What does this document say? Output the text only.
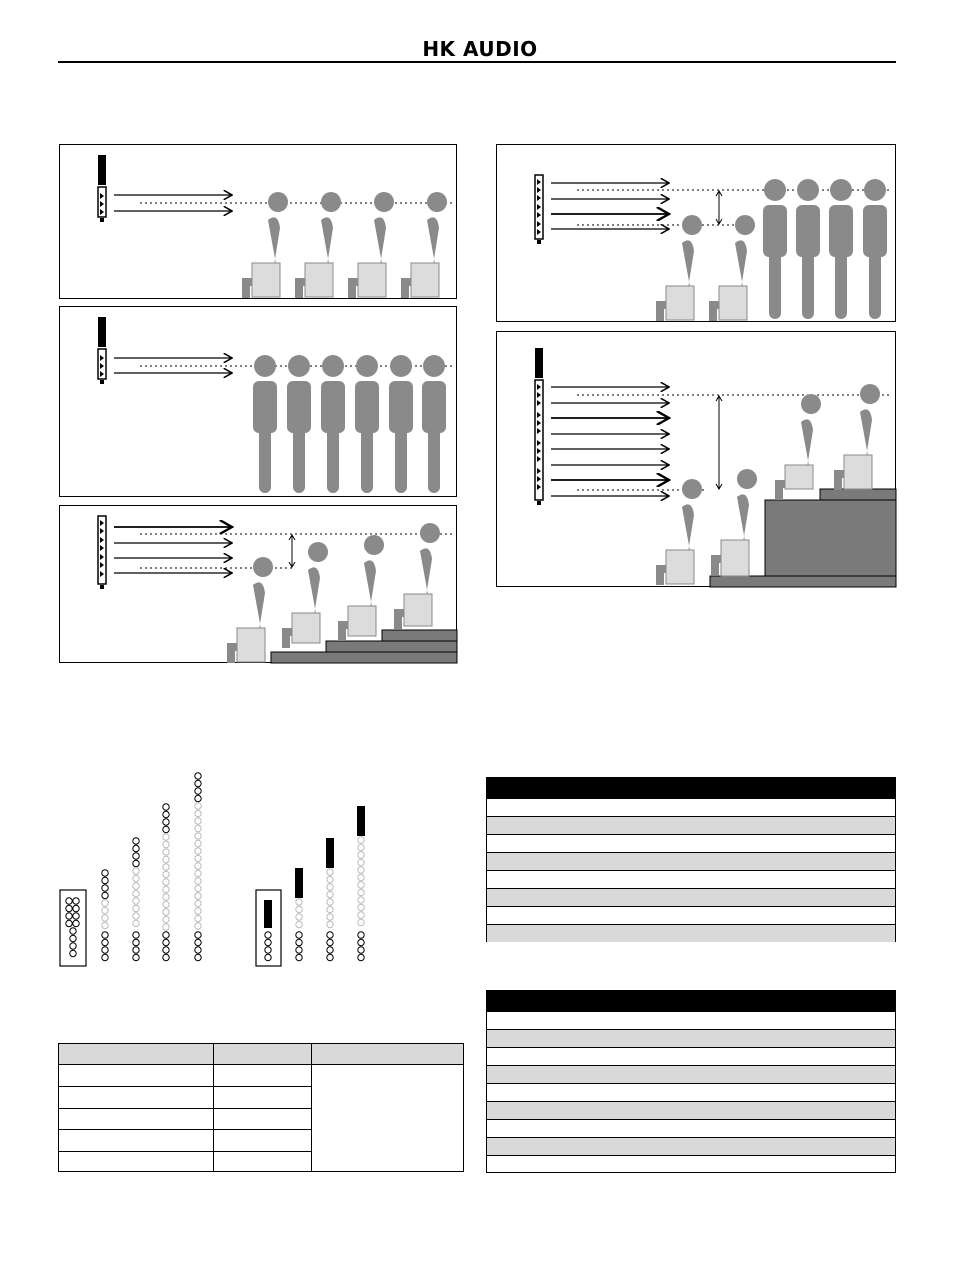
HK AUDIO
